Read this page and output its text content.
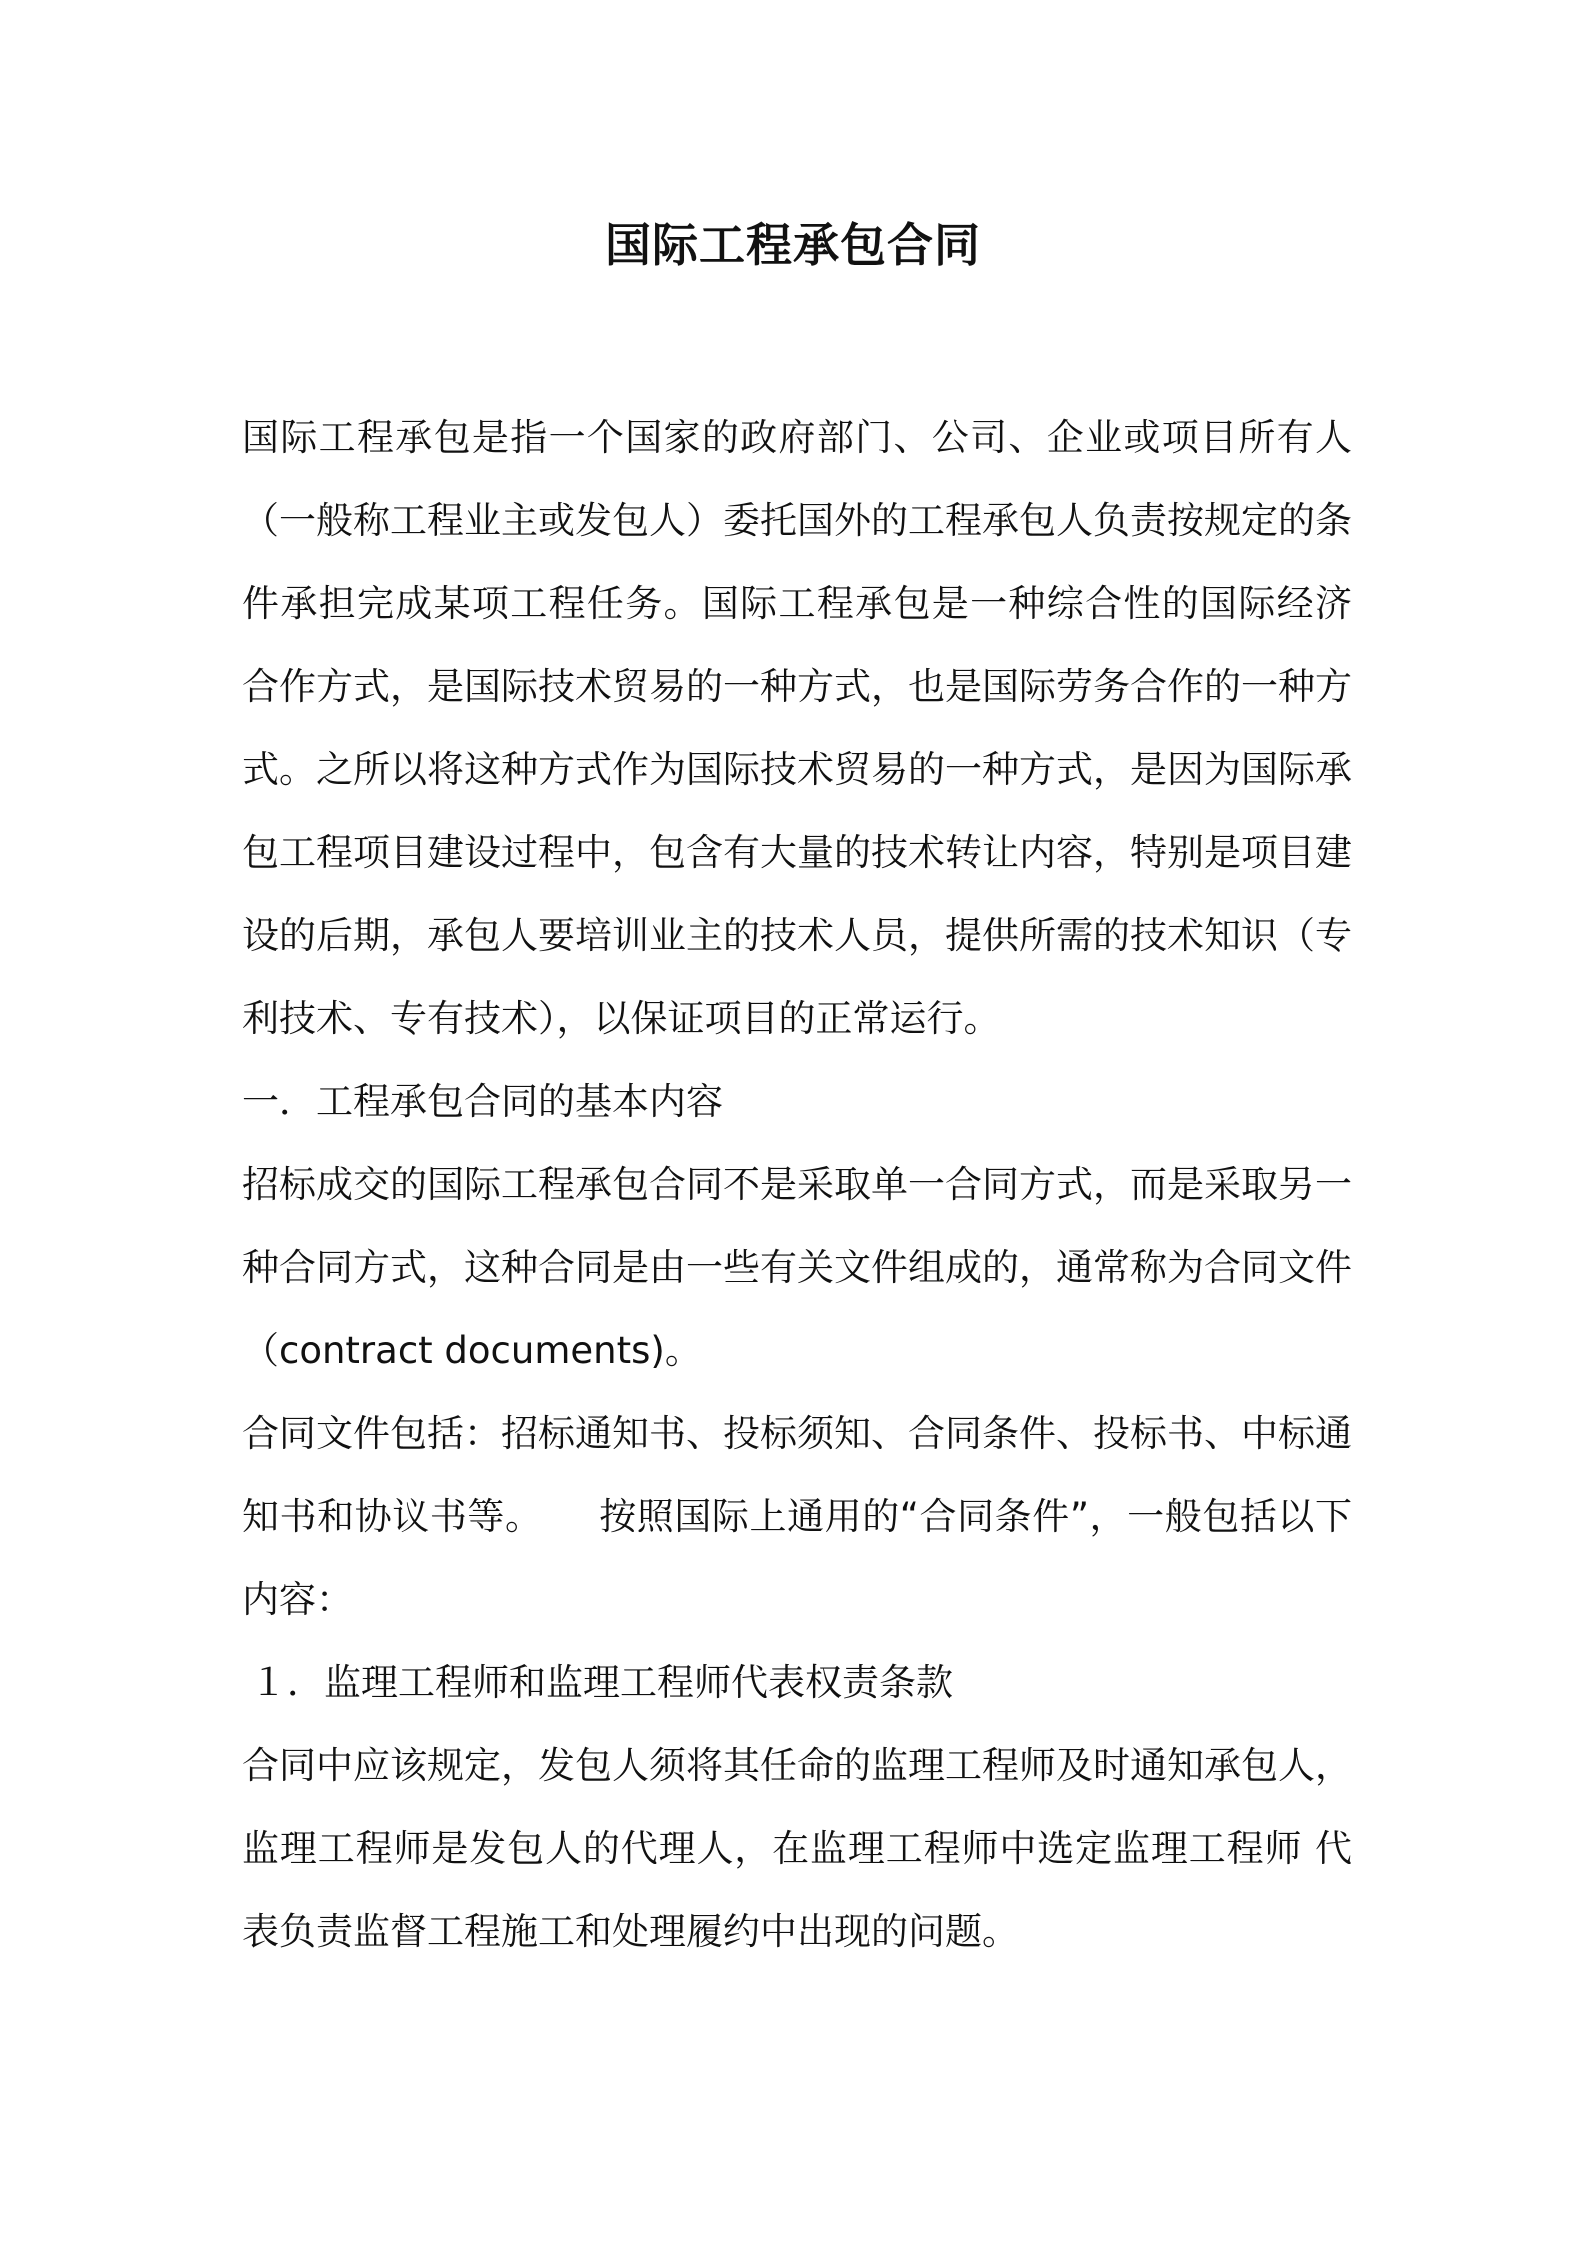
国际工程承包合同

国际工程承包是指一个国家的政府部门、公司、企业或项目所有人（一般称工程业主或发包人）委托国外的工程承包人负责按规定的条件承担完成某项工程任务。国际工程承包是一种综合性的国际经济 合作方式，是国际技术贸易的一种方式，也是国际劳务合作的一种方式。之所以将这种方式作为国际技术贸易的一种方式，是因为国际承 包工程项目建设过程中，包含有大量的技术转让内容，特别是项目建设的后期，承包人要培训业主的技术人员，提供所需的技术知识（专 利技术、专有技术），以保证项目的正常运行。

一．工程承包合同的基本内容

招标成交的国际工程承包合同不是采取单一合同方式，而是采取另一种合同方式，这种合同是由一些有关文件组成的，通常称为合同文件（contract documents)。

合同文件包括：招标通知书、投标须知、合同条件、投标书、中标通知书和协议书等。　　按照国际上通用的“合同条件”，一般包括以下内容：

１．监理工程师和监理工程师代表权责条款

合同中应该规定，发包人须将其任命的监理工程师及时通知承包人，监理工程师是发包人的代理人，在监理工程师中选定监理工程师 代表负责监督工程施工和处理履约中出现的问题。
